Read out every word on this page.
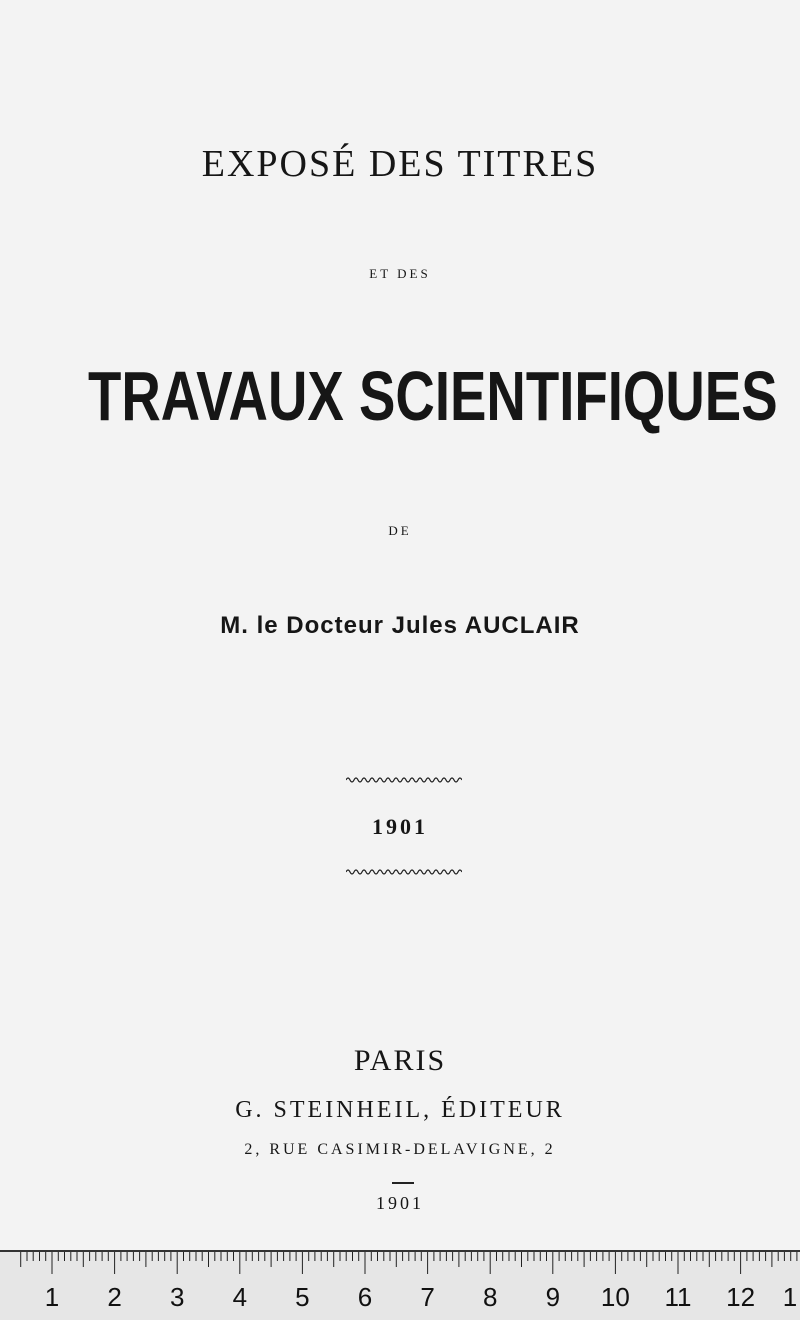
EXPOSÉ DES TITRES
ET DES
TRAVAUX SCIENTIFIQUES
DE
M. le Docteur Jules AUCLAIR
1901
PARIS
G. STEINHEIL, ÉDITEUR
2, RUE CASIMIR-DELAVIGNE, 2
1901
1 2 3 4 5 6 7 8 9 10 11 12 1
